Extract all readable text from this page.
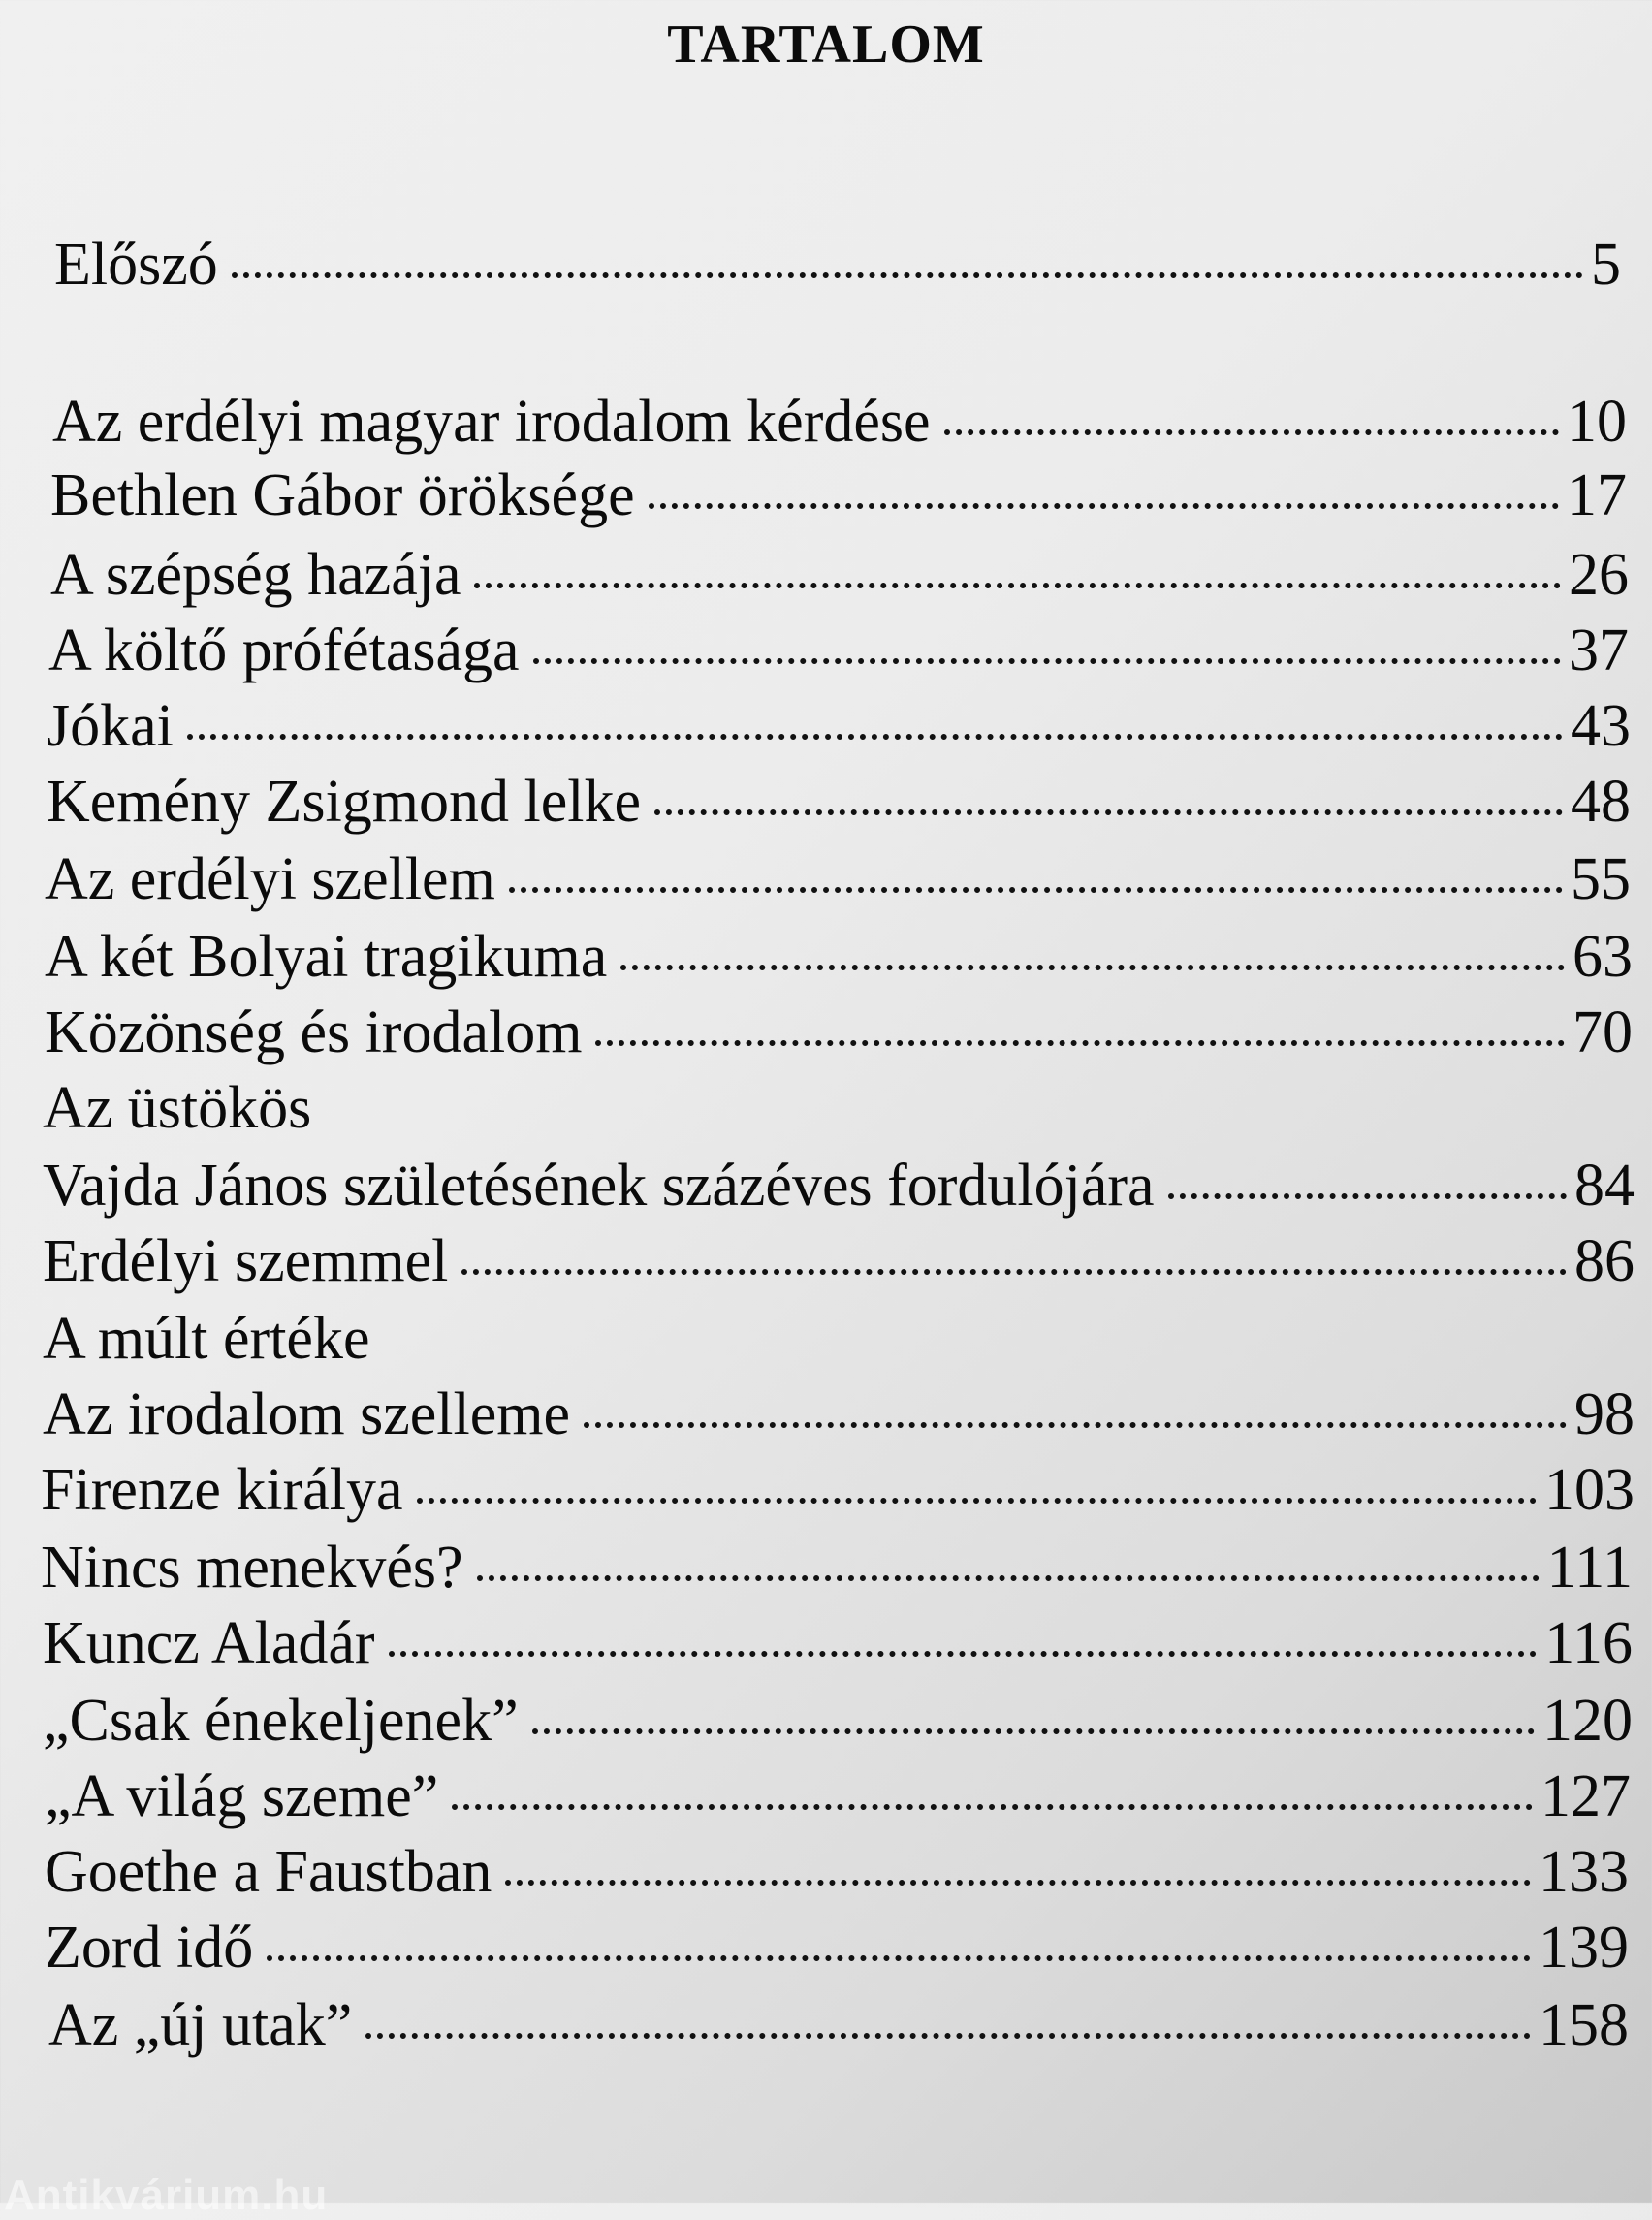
TARTALOM
Előszó	5
Az erdélyi magyar irodalom kérdése	10
Bethlen Gábor öröksége	17
A szépség hazája	26
A költő prófétasága	37
Jókai	43
Kemény Zsigmond lelke	48
Az erdélyi szellem	55
A két Bolyai tragikuma	63
Közönség és irodalom	70
Az üstökös
Vajda János születésének százéves fordulójára	84
Erdélyi szemmel	86
A múlt értéke
Az irodalom szelleme	98
Firenze királya	103
Nincs menekvés?	111
Kuncz Aladár	116
„Csak énekeljenek”	120
„A világ szeme”	127
Goethe a Faustban	133
Zord idő	139
Az „új utak”	158
Antikvárium.hu
